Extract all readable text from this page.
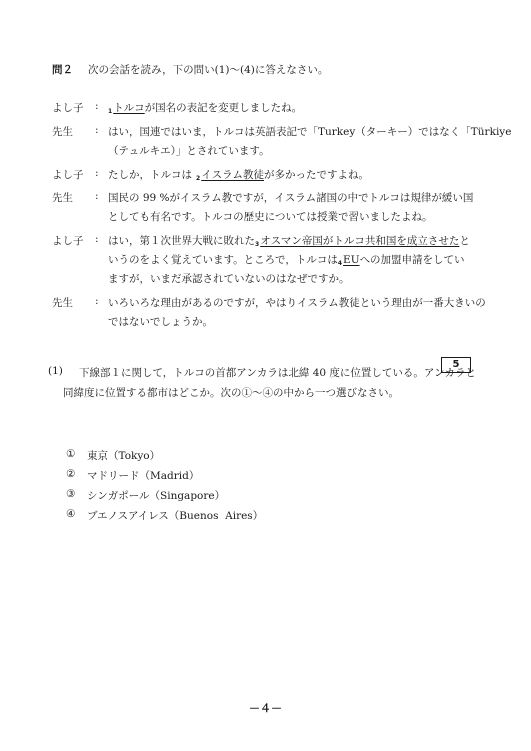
問２ 次の会話を読み，下の問い(1)〜(4)に答えなさい。
よし子 : 1トルコが国名の表記を変更しましたね。
先生 : はい，国連ではいま，トルコは英語表記で「Turkey（ターキー）ではなく「Türkiye
（テュルキエ）」とされています。
よし子 : たしか，トルコは 2イスラム教徒が多かったですよね。
先生 : 国民の 99 %がイスラム教ですが，イスラム諸国の中でトルコは規律が緩い国
としても有名です。トルコの歴史については授業で習いましたよね。
よし子 : はい，第１次世界大戦に敗れた3オスマン帝国がトルコ共和国を成立させたと
いうのをよく覚えています。ところで，トルコは4EUへの加盟申請をしてい
ますが，いまだ承認されていないのはなぜですか。
先生 : いろいろな理由があるのですが，やはりイスラム教徒という理由が一番大きいの
ではないでしょうか。
(1) 下線部１に関して，トルコの首都アンカラは北緯 40 度に位置している。アンカラと
同緯度に位置する都市はどこか。次の①〜④の中から一つ選びなさい。
5
① 東京（Tokyo）
② マドリード（Madrid）
③ シンガポール（Singapore）
④ ブエノスアイレス（Buenos  Aires）
－４－
